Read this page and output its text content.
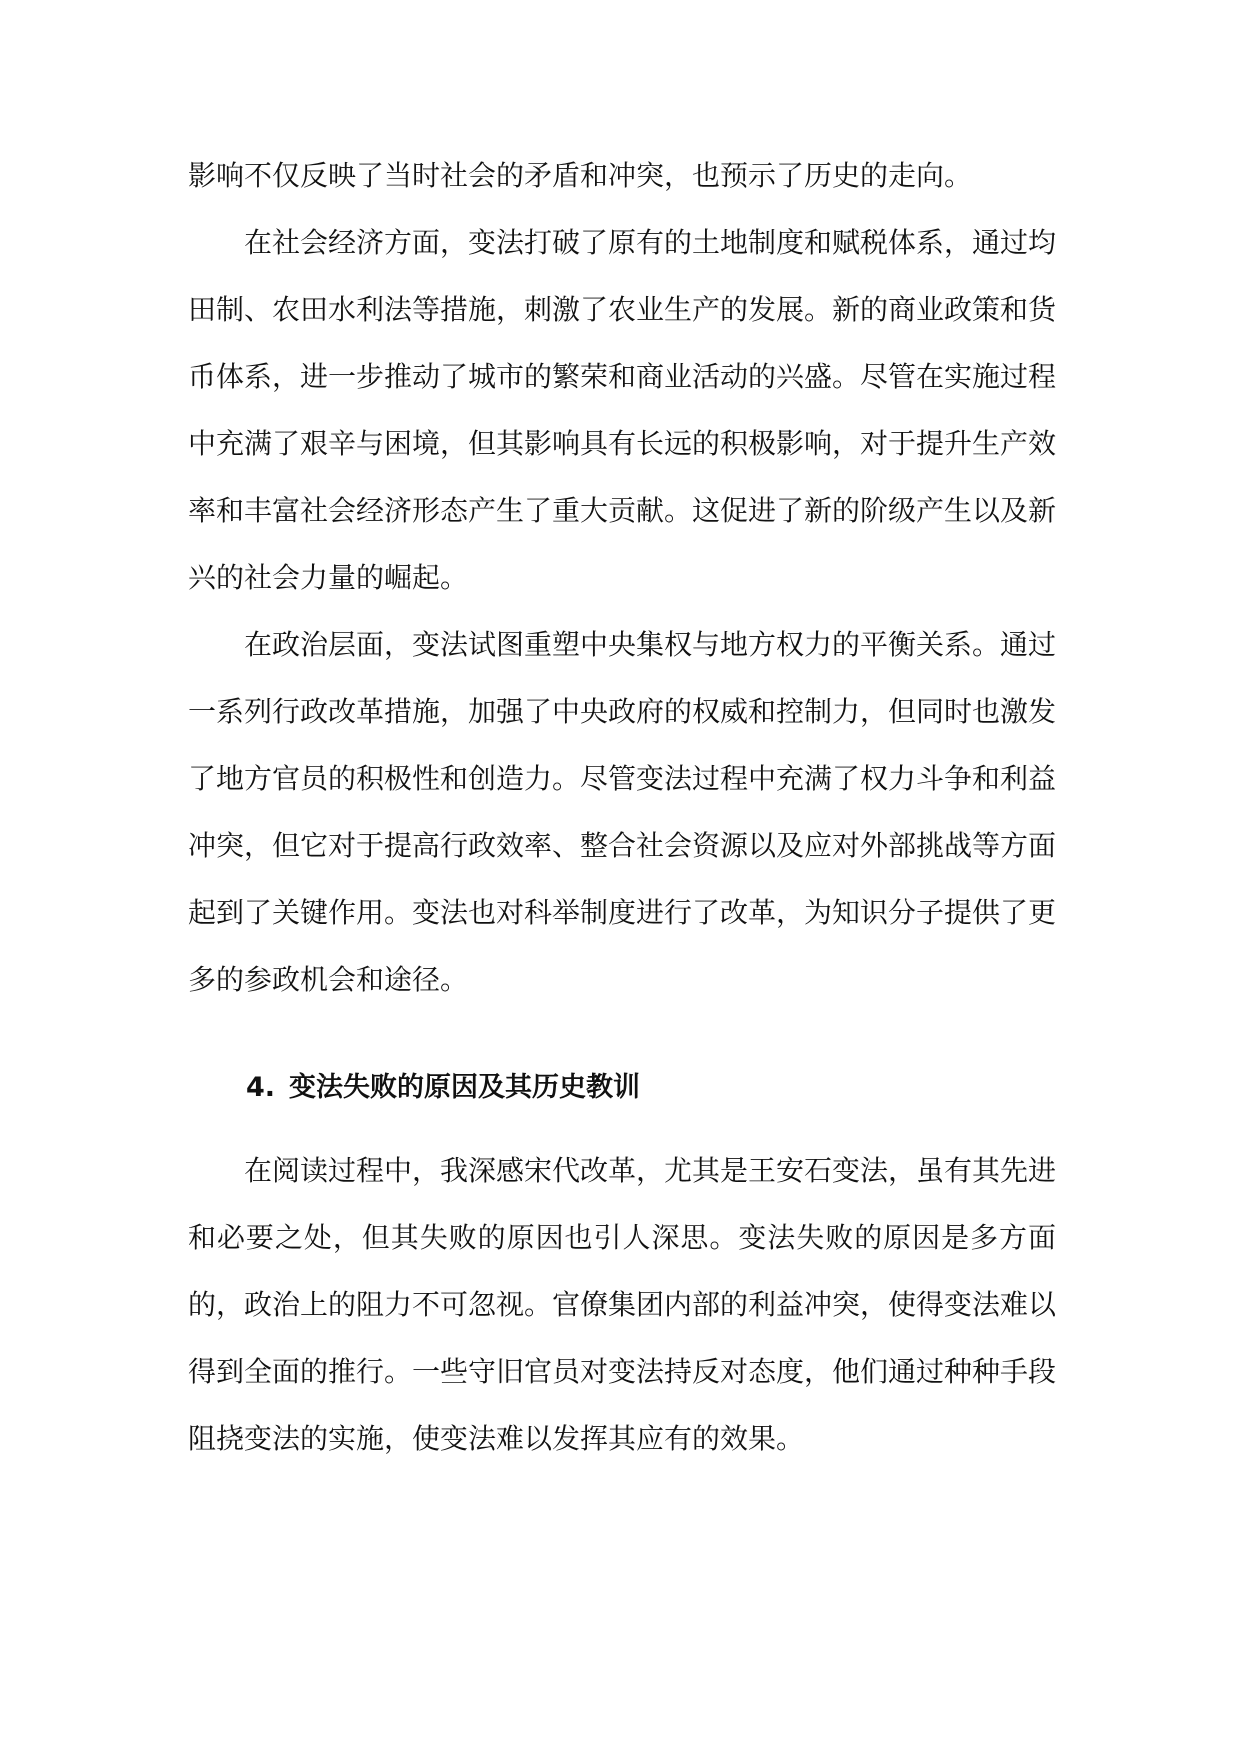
影响不仅反映了当时社会的矛盾和冲突，也预示了历史的走向。

在社会经济方面，变法打破了原有的土地制度和赋税体系，通过均田制、农田水利法等措施，刺激了农业生产的发展。新的商业政策和货币体系，进一步推动了城市的繁荣和商业活动的兴盛。尽管在实施过程中充满了艰辛与困境，但其影响具有长远的积极影响，对于提升生产效率和丰富社会经济形态产生了重大贡献。这促进了新的阶级产生以及新兴的社会力量的崛起。

在政治层面，变法试图重塑中央集权与地方权力的平衡关系。通过一系列行政改革措施，加强了中央政府的权威和控制力，但同时也激发了地方官员的积极性和创造力。尽管变法过程中充满了权力斗争和利益冲突，但它对于提高行政效率、整合社会资源以及应对外部挑战等方面起到了关键作用。变法也对科举制度进行了改革，为知识分子提供了更多的参政机会和途径。

4. 变法失败的原因及其历史教训

在阅读过程中，我深感宋代改革，尤其是王安石变法，虽有其先进和必要之处，但其失败的原因也引人深思。变法失败的原因是多方面的，政治上的阻力不可忽视。官僚集团内部的利益冲突，使得变法难以得到全面的推行。一些守旧官员对变法持反对态度，他们通过种种手段阻挠变法的实施，使变法难以发挥其应有的效果。
